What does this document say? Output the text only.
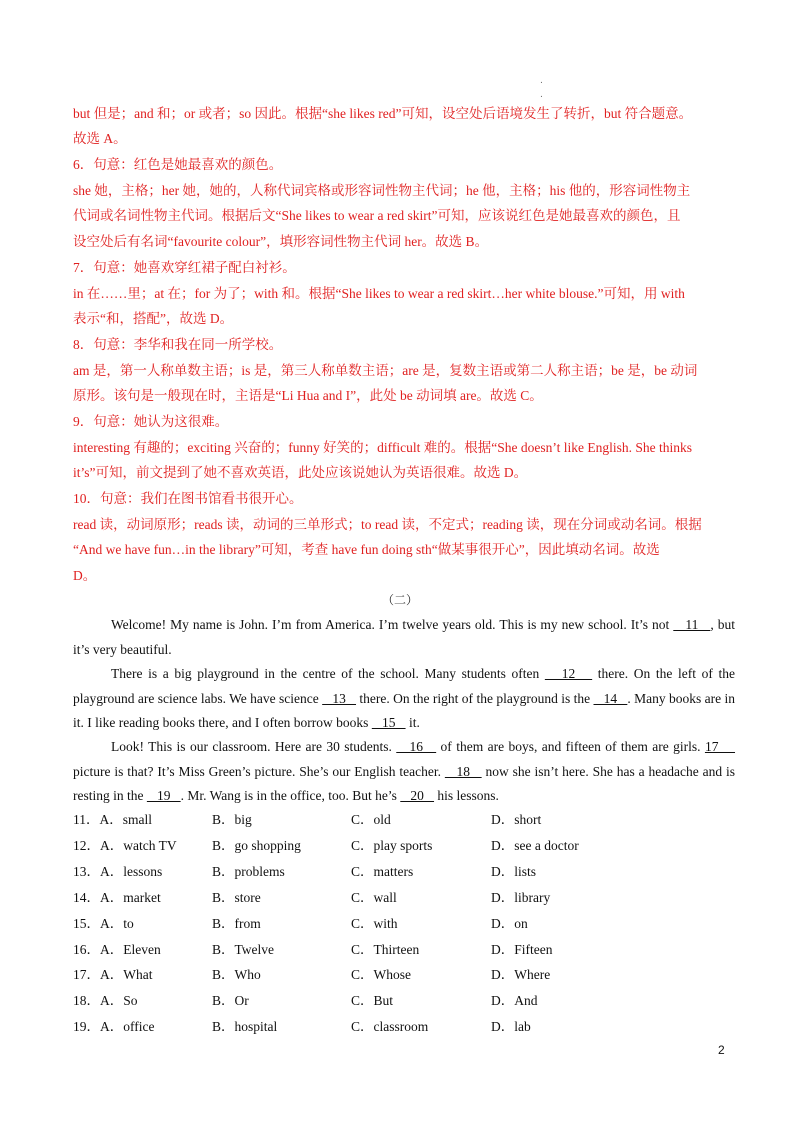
.
.
but 但是；and 和；or 或者；so 因此。根据“she likes red”可知，设空处后语境发生了转折，but 符合题意。
故选 A。
6．句意：红色是她最喜欢的颜色。
she 她，主格；her 她，她的，人称代词宾格或形容词性物主代词；he 他，主格；his 他的，形容词性物主
代词或名词性物主代词。根据后文“She likes to wear a red skirt”可知，应该说红色是她最喜欢的颜色，且
设空处后有名词“favourite colour”，填形容词性物主代词 her。故选 B。
7．句意：她喜欢穿红裙子配白衬衫。
in 在……里；at 在；for 为了；with 和。根据“She likes to wear a red skirt…her white blouse.”可知，用 with
表示“和，搭配”，故选 D。
8．句意：李华和我在同一所学校。
am 是，第一人称单数主语；is 是，第三人称单数主语；are 是，复数主语或第二人称主语；be 是，be 动词
原形。该句是一般现在时，主语是“Li Hua and I”，此处 be 动词填 are。故选 C。
9．句意：她认为这很难。
interesting 有趣的；exciting 兴奋的；funny 好笑的；difficult 难的。根据“She doesn’t like English. She thinks
it’s”可知，前文提到了她不喜欢英语，此处应该说她认为英语很难。故选 D。
10．句意：我们在图书馆看书很开心。
read 读，动词原形；reads 读，动词的三单形式；to read 读，不定式；reading 读，现在分词或动名词。根据
“And we have fun…in the library”可知，考查 have fun doing sth“做某事很开心”，因此填动名词。故选
D。
（二）
Welcome! My name is John. I’m from America. I’m twelve years old. This is my new school. It’s not    11   , but it’s very beautiful.
There is a big playground in the centre of the school. Many students often    12    there. On the left of the playground are science labs. We have science    13    there. On the right of the playground is the    14   . Many books are in it. I like reading books there, and I often borrow books    15    it.
Look! This is our classroom. Here are 30 students.    16    of them are boys, and fifteen of them are girls. 17     picture is that? It’s Miss Green’s picture. She’s our English teacher.    18    now she isn’t here. She has a headache and is resting in the    19   . Mr. Wang is in the office, too. But he’s    20    his lessons.
11．A．small	B．big	C．old	D．short
12．A．watch TV	B．go shopping	C．play sports	D．see a doctor
13．A．lessons	B．problems	C．matters	D．lists
14．A．market	B．store	C．wall	D．library
15．A．to	B．from	C．with	D．on
16．A．Eleven	B．Twelve	C．Thirteen	D．Fifteen
17．A．What	B．Who	C．Whose	D．Where
18．A．So	B．Or	C．But	D．And
19．A．office	B．hospital	C．classroom	D．lab
2
